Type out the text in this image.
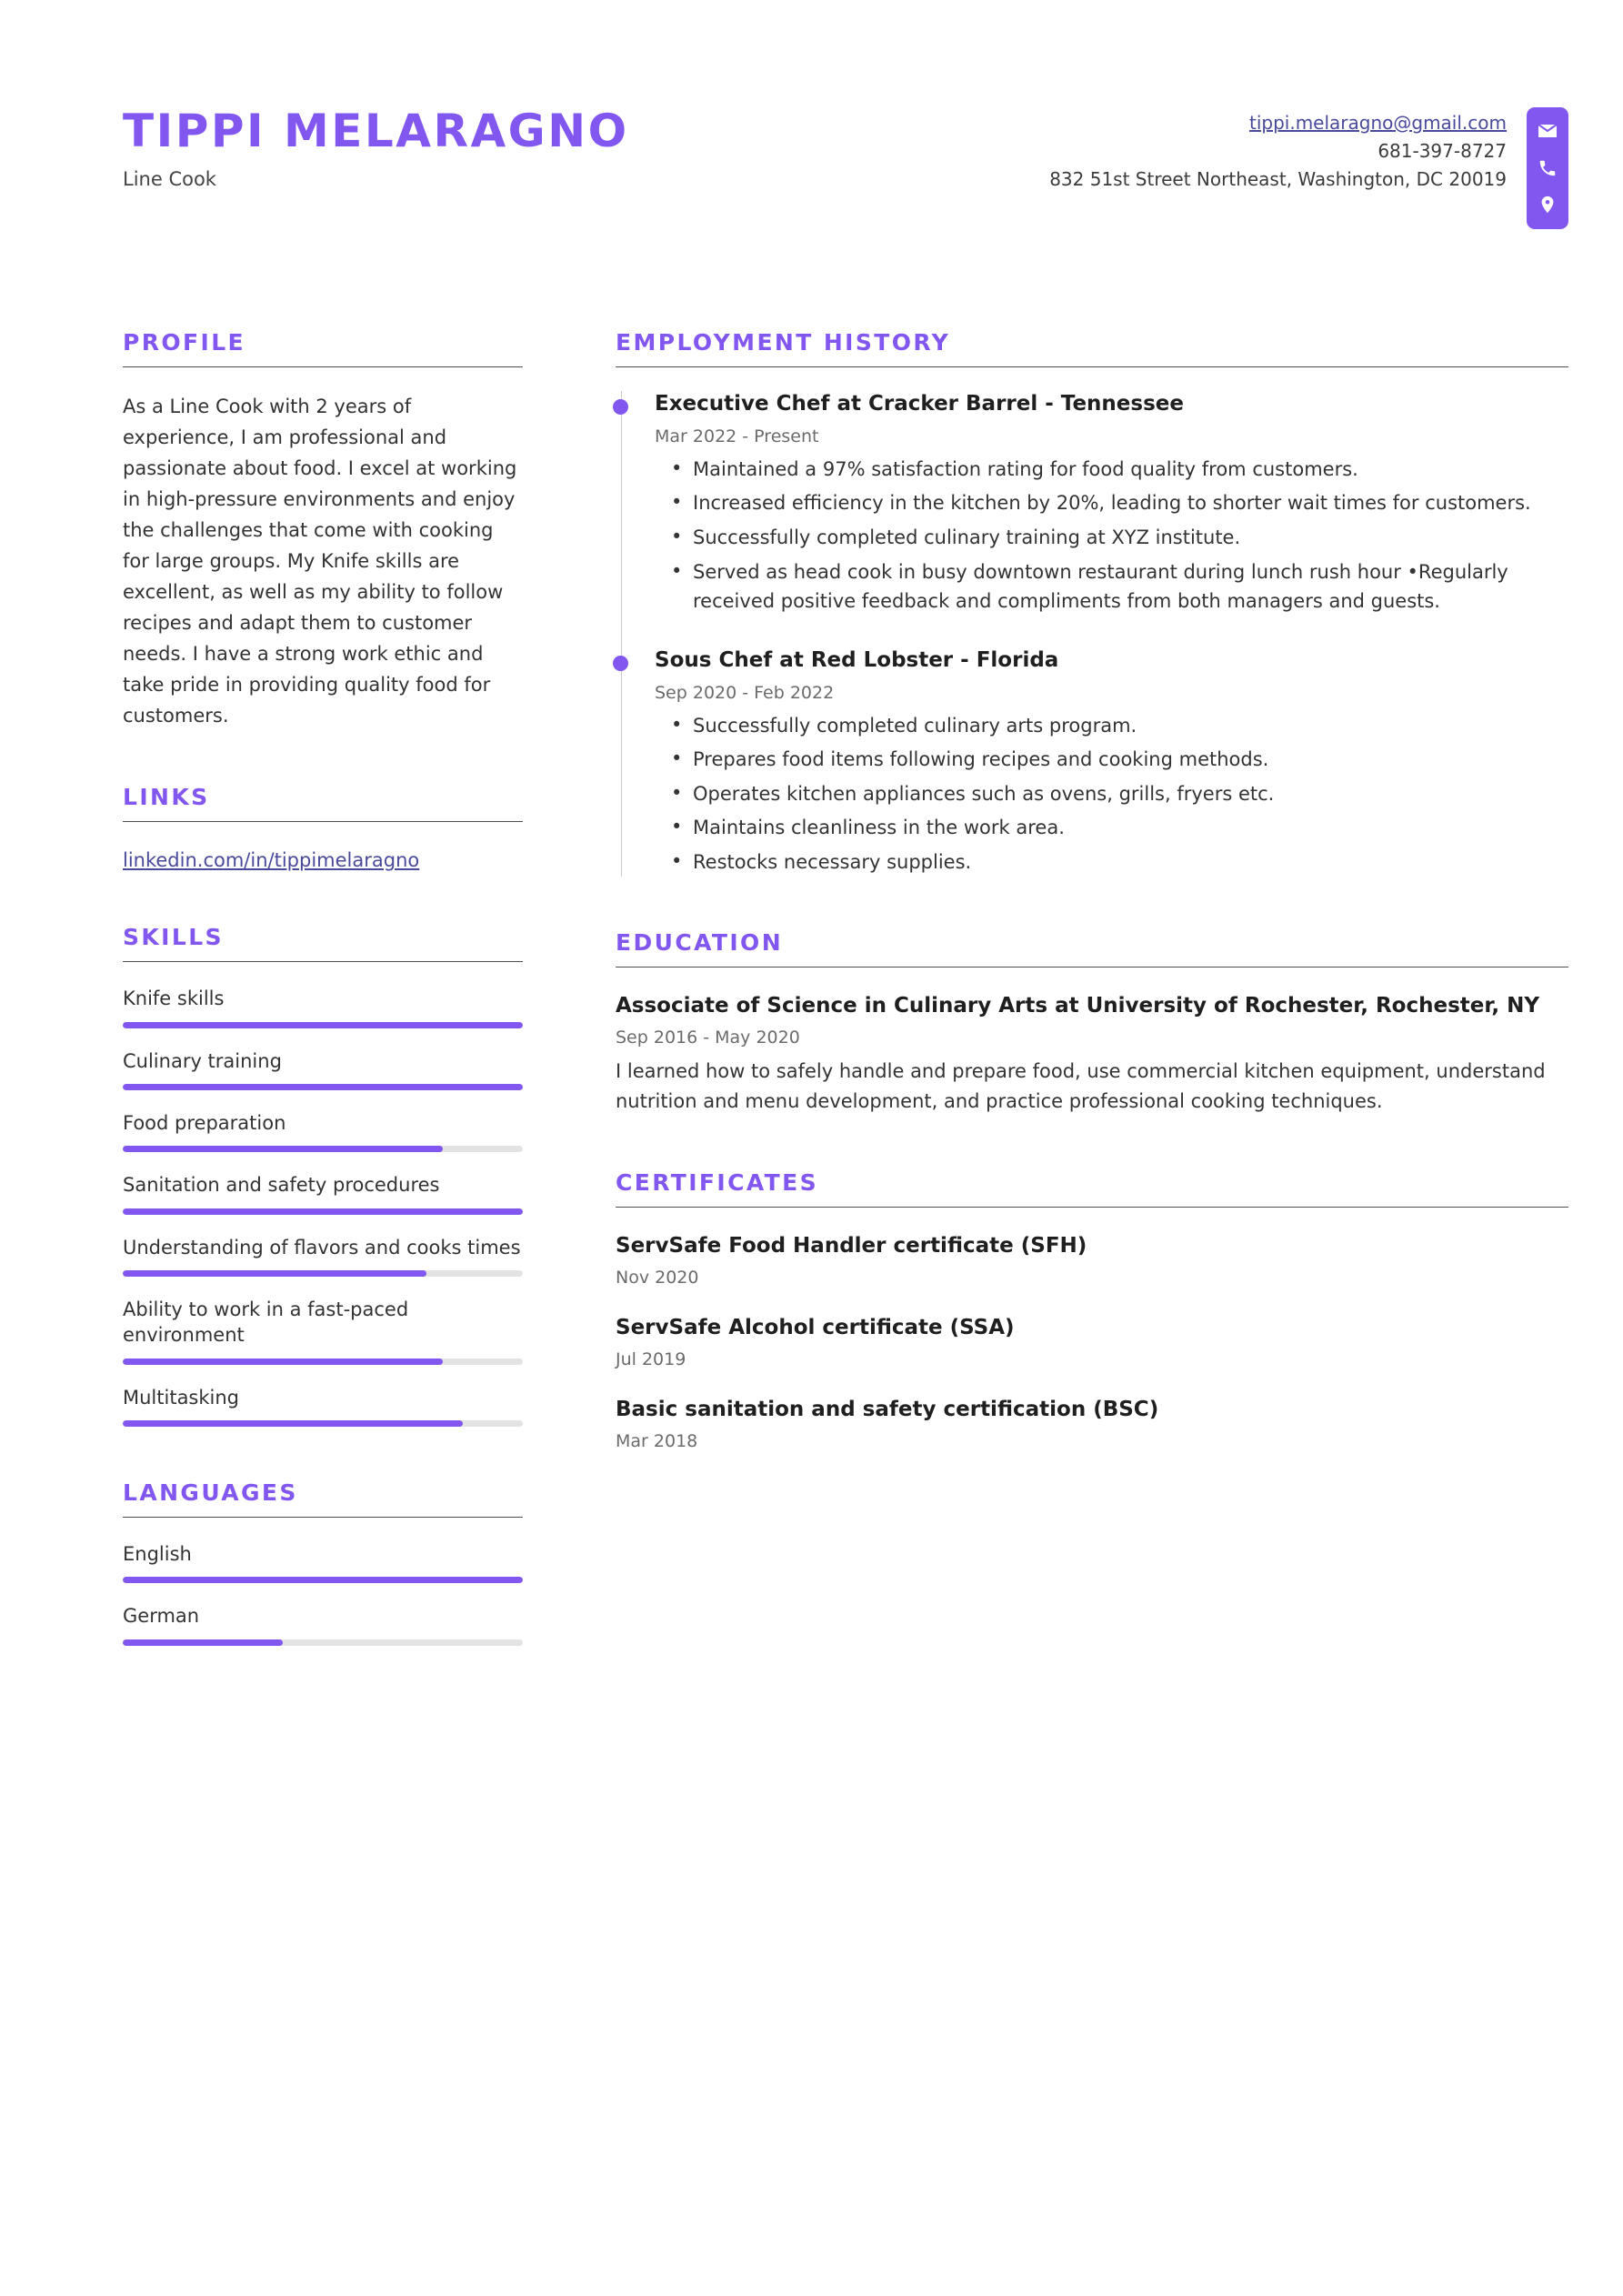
TIPPI MELARAGNO
Line Cook
tippi.melaragno@gmail.com
681-397-8727
832 51st Street Northeast, Washington, DC 20019
PROFILE
As a Line Cook with 2 years of experience, I am professional and passionate about food. I excel at working in high-pressure environments and enjoy the challenges that come with cooking for large groups. My Knife skills are excellent, as well as my ability to follow recipes and adapt them to customer needs. I have a strong work ethic and take pride in providing quality food for customers.
LINKS
linkedin.com/in/tippimelaragno
SKILLS
Knife skills
Culinary training
Food preparation
Sanitation and safety procedures
Understanding of flavors and cooks times
Ability to work in a fast-paced environment
Multitasking
LANGUAGES
English
German
EMPLOYMENT HISTORY
Executive Chef at Cracker Barrel - Tennessee
Mar 2022 - Present
• Maintained a 97% satisfaction rating for food quality from customers.
• Increased efficiency in the kitchen by 20%, leading to shorter wait times for customers.
• Successfully completed culinary training at XYZ institute.
• Served as head cook in busy downtown restaurant during lunch rush hour •Regularly received positive feedback and compliments from both managers and guests.
Sous Chef at Red Lobster - Florida
Sep 2020 - Feb 2022
• Successfully completed culinary arts program.
• Prepares food items following recipes and cooking methods.
• Operates kitchen appliances such as ovens, grills, fryers etc.
• Maintains cleanliness in the work area.
• Restocks necessary supplies.
EDUCATION
Associate of Science in Culinary Arts at University of Rochester, Rochester, NY
Sep 2016 - May 2020
I learned how to safely handle and prepare food, use commercial kitchen equipment, understand nutrition and menu development, and practice professional cooking techniques.
CERTIFICATES
ServSafe Food Handler certificate (SFH)
Nov 2020
ServSafe Alcohol certificate (SSA)
Jul 2019
Basic sanitation and safety certification (BSC)
Mar 2018
